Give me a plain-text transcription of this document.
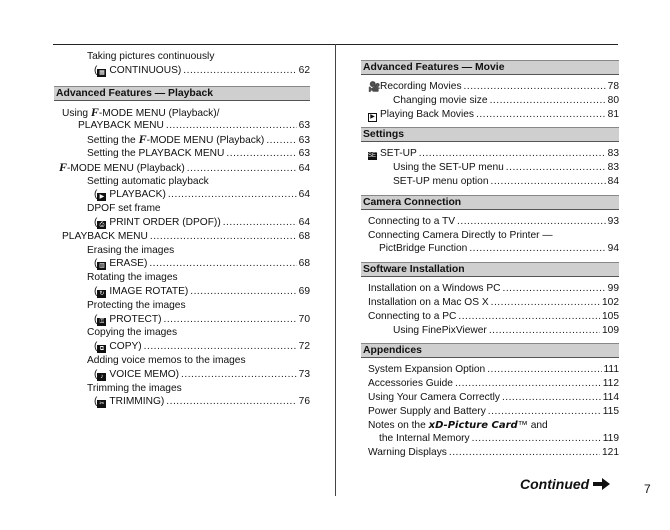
Taking pictures continuously
( ▦ CONTINUOUS) .....	62
Advanced Features — Playback
Using F-MODE MENU (Playback)/
PLAYBACK MENU .....	63
Setting the F-MODE MENU (Playback) .....	63
Setting the PLAYBACK MENU .....	63
F-MODE MENU (Playback) .....	64
Setting automatic playback
( ▶ PLAYBACK) .....	64
DPOF set frame
( ⎙ PRINT ORDER (DPOF)) .....	64
PLAYBACK MENU .....	68
Erasing the images
( ▥ ERASE) .....	68
Rotating the images
( ↻ IMAGE ROTATE) .....	69
Protecting the images
( ⚿ PROTECT) .....	70
Copying the images
( ⧉ COPY) .....	72
Adding voice memos to the images
( ♪ VOICE MEMO) .....	73
Trimming the images
( ✂ TRIMMING) .....	76
Advanced Features — Movie
🎥Recording Movies .....	78
Changing movie size .....	80
▶ Playing Back Movies .....	81
Settings
SETSET-UP .....	83
Using the SET-UP menu .....	83
SET-UP menu option .....	84
Camera Connection
Connecting to a TV .....	93
Connecting Camera Directly to Printer —
PictBridge Function .....	94
Software Installation
Installation on a Windows PC .....	99
Installation on a Mac OS X .....	102
Connecting to a PC .....	105
Using FinePixViewer .....	109
Appendices
System Expansion Option .....	111
Accessories Guide .....	112
Using Your Camera Correctly .....	114
Power Supply and Battery .....	115
Notes on the xD-Picture Card™ and
the Internal Memory .....	119
Warning Displays .....	121
Continued	7
